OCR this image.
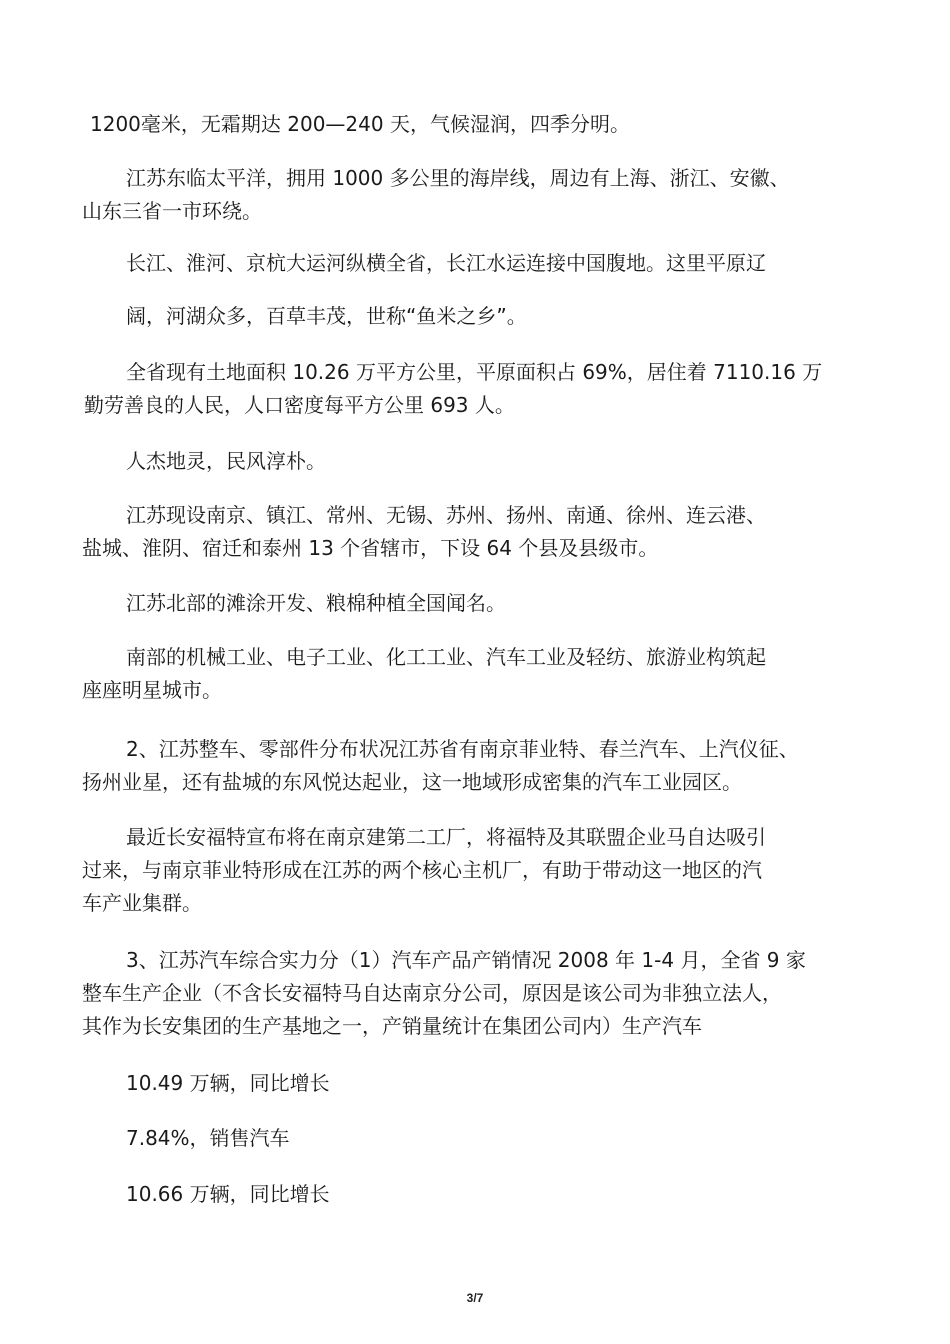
1200毫米，无霜期达 200—240 天，气候湿润，四季分明。

江苏东临太平洋，拥用 1000 多公里的海岸线，周边有上海、浙江、安徽、
山东三省一市环绕。

长江、淮河、京杭大运河纵横全省，长江水运连接中国腹地。这里平原辽

阔，河湖众多，百草丰茂，世称“鱼米之乡”。

全省现有土地面积 10.26 万平方公里，平原面积占 69%，居住着 7110.16 万
勤劳善良的人民，人口密度每平方公里 693 人。

人杰地灵，民风淳朴。

江苏现设南京、镇江、常州、无锡、苏州、扬州、南通、徐州、连云港、
盐城、淮阴、宿迁和泰州 13 个省辖市，下设 64 个县及县级市。

江苏北部的滩涂开发、粮棉种植全国闻名。

南部的机械工业、电子工业、化工工业、汽车工业及轻纺、旅游业构筑起
座座明星城市。

2、江苏整车、零部件分布状况江苏省有南京菲业特、春兰汽车、上汽仪征、
扬州业星，还有盐城的东风悦达起业，这一地域形成密集的汽车工业园区。

最近长安福特宣布将在南京建第二工厂，将福特及其联盟企业马自达吸引
过来，与南京菲业特形成在江苏的两个核心主机厂，有助于带动这一地区的汽
车产业集群。

3、江苏汽车综合实力分（1）汽车产品产销情况 2008 年 1-4 月，全省 9 家
整车生产企业（不含长安福特马自达南京分公司，原因是该公司为非独立法人，
其作为长安集团的生产基地之一，产销量统计在集团公司内）生产汽车

10.49 万辆，同比增长

7.84%，销售汽车

10.66 万辆，同比增长

3/7
